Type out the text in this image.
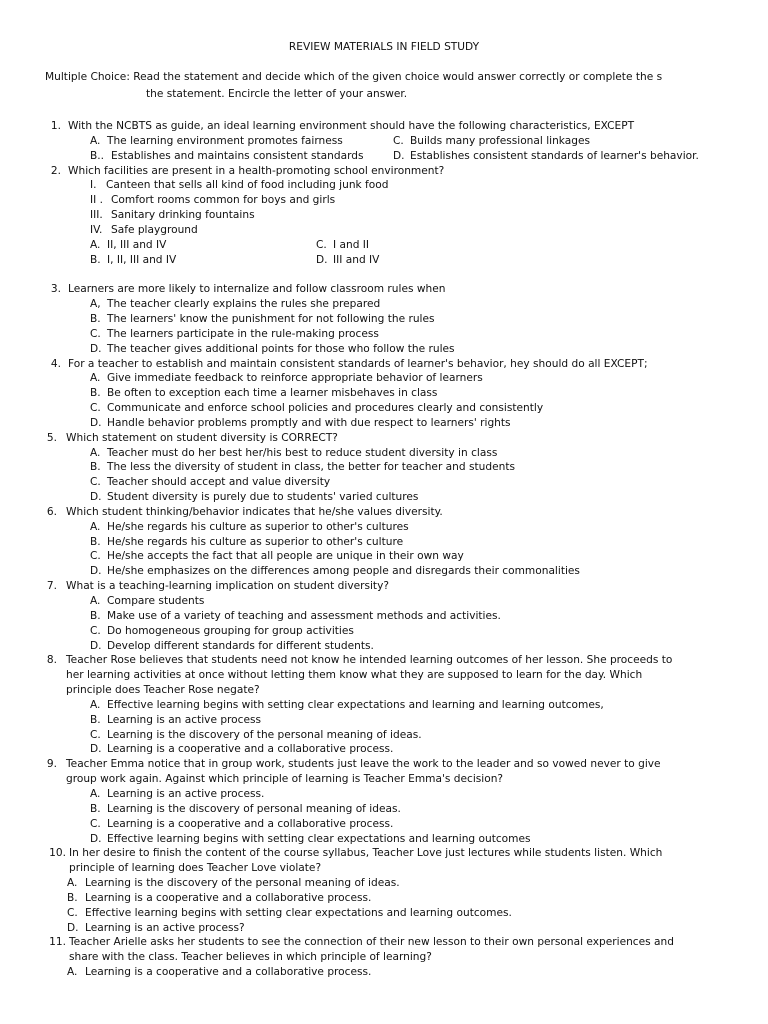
REVIEW MATERIALS IN FIELD STUDY
Multiple Choice: Read the statement and decide which of the given choice would answer correctly or complete the s
the statement. Encircle the letter of your answer.
1. With the NCBTS as guide, an ideal learning environment should have the following characteristics, EXCEPT
A. The learning environment promotes fairness	C. Builds many professional linkages
B.. Establishes and maintains consistent standards	D. Establishes consistent standards of learner's behavior.
2. Which facilities are present in a health-promoting school environment?
I. Canteen that sells all kind of food including junk food
II . Comfort rooms common for boys and girls
III. Sanitary drinking fountains
IV. Safe playground
A. II, III and IV	C. I and II
B. I, II, III and IV	D. III and IV
3. Learners are more likely to internalize and follow classroom rules when
A, The teacher clearly explains the rules she prepared
B. The learners' know the punishment for not following the rules
C. The learners participate in the rule-making process
D. The teacher gives additional points for those who follow the rules
4. For a teacher to establish and maintain consistent standards of learner's behavior, hey should do all EXCEPT;
A. Give immediate feedback to reinforce appropriate behavior of learners
B. Be often to exception each time a learner misbehaves in class
C. Communicate and enforce school policies and procedures clearly and consistently
D. Handle behavior problems promptly and with due respect to learners' rights
5. Which statement on student diversity is CORRECT?
A. Teacher must do her best her/his best to reduce student diversity in class
B. The less the diversity of student in class, the better for teacher and students
C. Teacher should accept and value diversity
D. Student diversity is purely due to students' varied cultures
6. Which student thinking/behavior indicates that he/she values diversity.
A. He/she regards his culture as superior to other's cultures
B. He/she regards his culture as superior to other's culture
C. He/she accepts the fact that all people are unique in their own way
D. He/she emphasizes on the differences among people and disregards their commonalities
7. What is a teaching-learning implication on student diversity?
A. Compare students
B. Make use of a variety of teaching and assessment methods and activities.
C. Do homogeneous grouping for group activities
D. Develop different standards for different students.
8. Teacher Rose believes that students need not know he intended learning outcomes of her lesson. She proceeds to
her learning activities at once without letting them know what they are supposed to learn for the day. Which
principle does Teacher Rose negate?
A. Effective learning begins with setting clear expectations and learning and learning outcomes,
B. Learning is an active process
C. Learning is the discovery of the personal meaning of ideas.
D. Learning is a cooperative and a collaborative process.
9. Teacher Emma notice that in group work, students just leave the work to the leader and so vowed never to give
group work again. Against which principle of learning is Teacher Emma's decision?
A. Learning is an active process.
B. Learning is the discovery of personal meaning of ideas.
C. Learning is a cooperative and a collaborative process.
D. Effective learning begins with setting clear expectations and learning outcomes
10. In her desire to finish the content of the course syllabus, Teacher Love just lectures while students listen. Which
principle of learning does Teacher Love violate?
A. Learning is the discovery of the personal meaning of ideas.
B. Learning is a cooperative and a collaborative process.
C. Effective learning begins with setting clear expectations and learning outcomes.
D. Learning is an active process?
11. Teacher Arielle asks her students to see the connection of their new lesson to their own personal experiences and
share with the class. Teacher believes in which principle of learning?
A. Learning is a cooperative and a collaborative process.
